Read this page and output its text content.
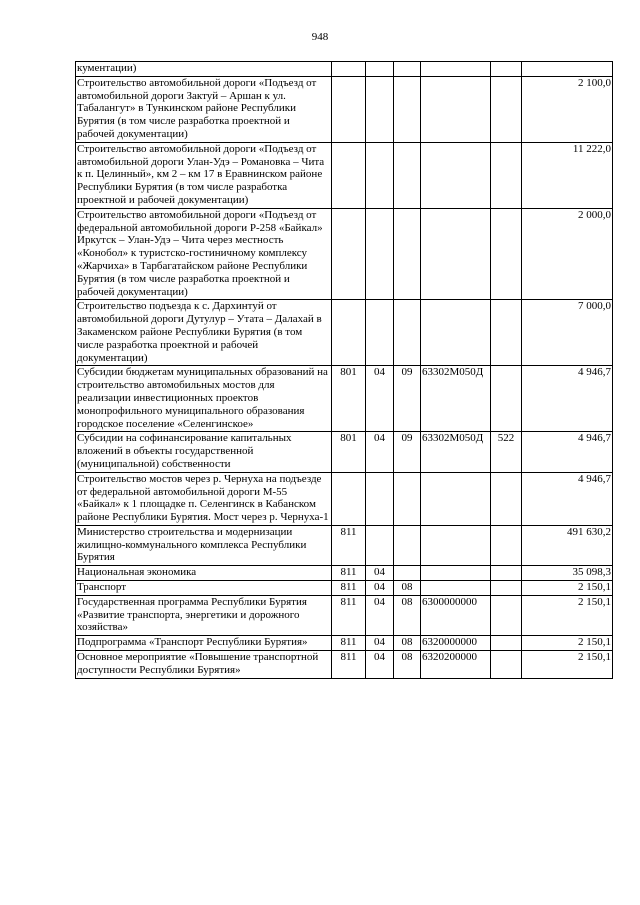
948
кументации)						
Строительство автомобильной дороги «Подъезд от автомобильной дороги Зактуй – Аршан к ул. Табалангут» в Тункинском районе Республики Бурятия (в том числе разработка проектной и рабочей документации)						2 100,0
Строительство автомобильной дороги «Подъезд от автомобильной дороги Улан-Удэ – Романовка – Чита к п. Целинный», км 2 – км 17 в Еравнинском районе Республики Бурятия (в том числе разработка проектной и рабочей документации)						11 222,0
Строительство автомобильной дороги «Подъезд от федеральной автомобильной дороги Р-258 «Байкал» Иркутск – Улан-Удэ – Чита через местность «Конобол» к туристско-гостиничному комплексу «Жарчиха» в Тарбагатайском районе Республики Бурятия (в том числе разработка проектной и рабочей документации)						2 000,0
Строительство подъезда к с. Дархинтуй от автомобильной дороги Дутулур – Утата – Далахай в Закаменском районе Республики Бурятия (в том числе разработка проектной и рабочей документации)						7 000,0
Субсидии бюджетам муниципальных образований на строительство автомобильных мостов для реализации инвестиционных проектов монопрофильного муниципального образования городское поселение «Селенгинское»	801	04	09	63302М050Д		4 946,7
Субсидии на софинансирование капитальных вложений в объекты государственной (муниципальной) собственности	801	04	09	63302М050Д	522	4 946,7
Строительство мостов через р. Чернуха на подъезде от федеральной автомобильной дороги М-55 «Байкал» к 1 площадке п. Селенгинск в Кабанском районе Республики Бурятия. Мост через р. Чернуха-1						4 946,7
Министерство строительства и модернизации жилищно-коммунального комплекса Республики Бурятия	811					491 630,2
Национальная экономика	811	04				35 098,3
Транспорт	811	04	08			2 150,1
Государственная программа Республики Бурятия «Развитие транспорта, энергетики и дорожного хозяйства»	811	04	08	6300000000		2 150,1
Подпрограмма «Транспорт Республики Бурятия»	811	04	08	6320000000		2 150,1
Основное мероприятие «Повышение транспортной доступности Республики Бурятия»	811	04	08	6320200000		2 150,1
